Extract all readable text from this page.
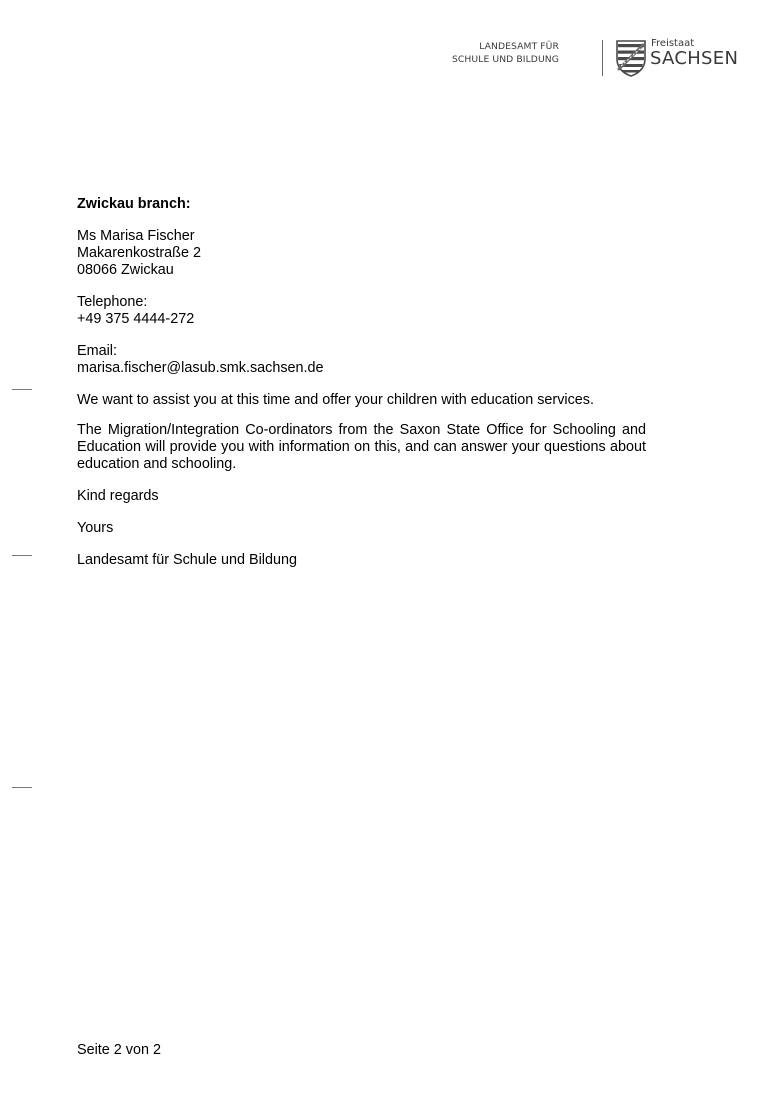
LANDESAMT FÜR
SCHULE UND BILDUNG
Freistaat
SACHSEN

Zwickau branch:

Ms Marisa Fischer

Makarenkostraße 2

08066 Zwickau

Telephone:

+49 375 4444-272

Email:

marisa.fischer@lasub.smk.sachsen.de

We want to assist you at this time and offer your children with education services.

The Migration/Integration Co-ordinators from the Saxon State Office for Schooling and Education will provide you with information on this, and can answer your questions about education and schooling.

Kind regards

Yours

Landesamt für Schule und Bildung

Seite 2 von 2
